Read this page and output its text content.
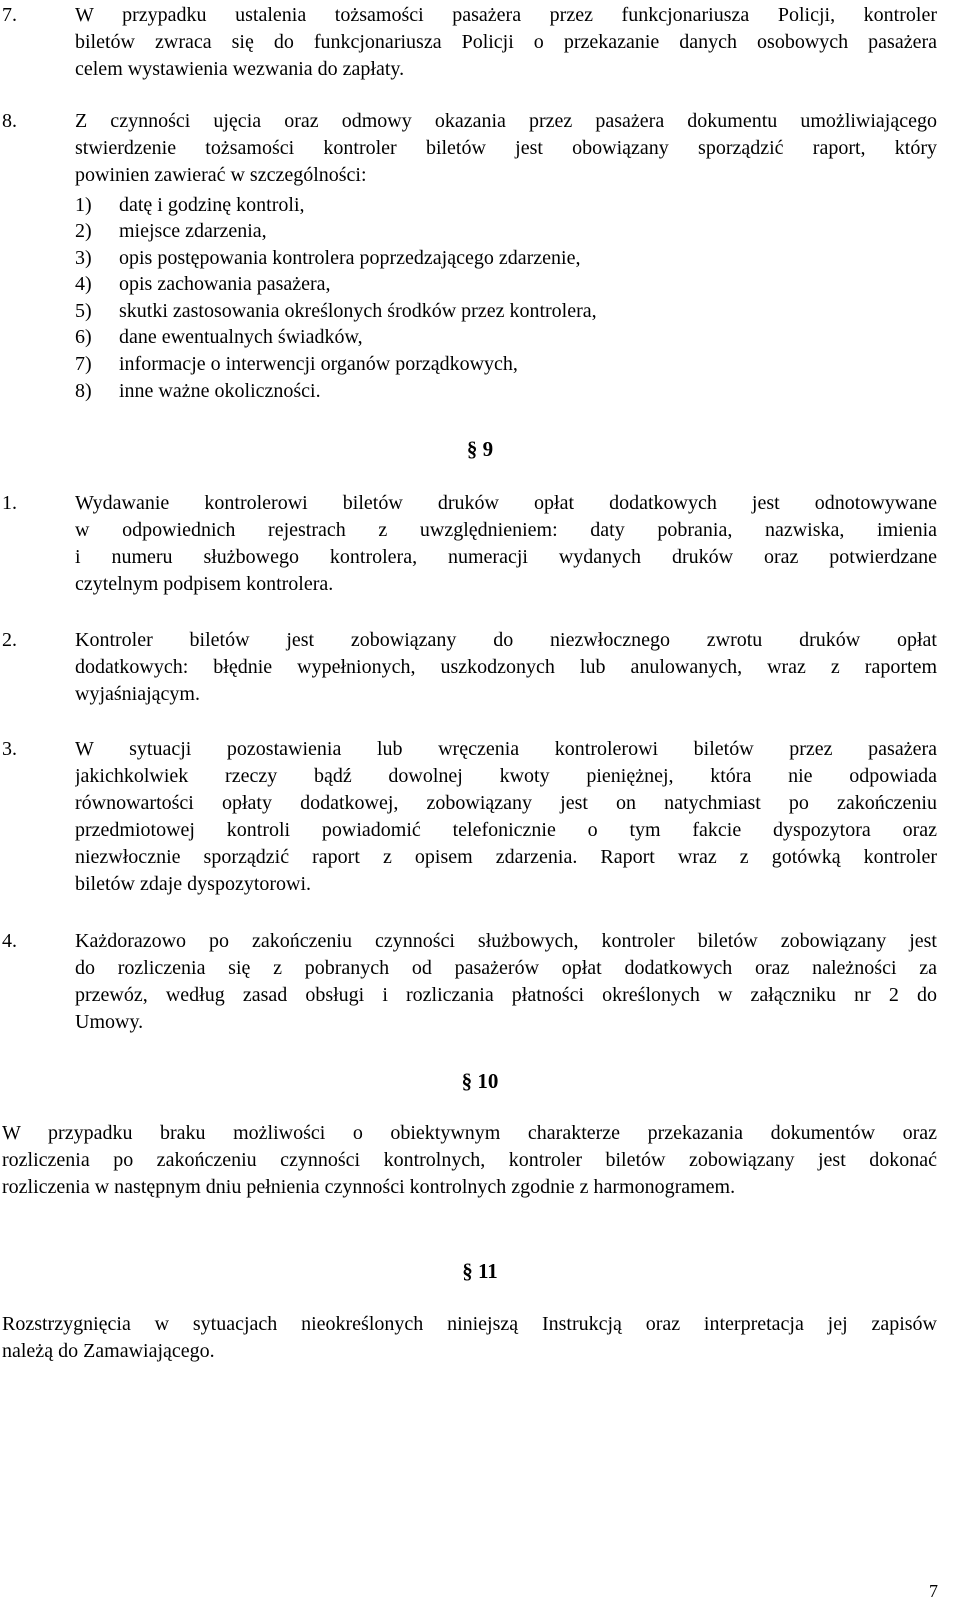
7.	W przypadku ustalenia tożsamości pasażera przez funkcjonariusza Policji, kontroler
biletów zwraca się do funkcjonariusza Policji o przekazanie danych osobowych pasażera
celem wystawienia wezwania do zapłaty.
8.	Z czynności ujęcia oraz odmowy okazania przez pasażera dokumentu umożliwiającego
stwierdzenie tożsamości kontroler biletów jest obowiązany sporządzić raport, który
powinien zawierać w szczególności:
1) datę i godzinę kontroli,
2) miejsce zdarzenia,
3) opis postępowania kontrolera poprzedzającego zdarzenie,
4) opis zachowania pasażera,
5) skutki zastosowania określonych środków przez kontrolera,
6) dane ewentualnych świadków,
7) informacje o interwencji organów porządkowych,
8) inne ważne okoliczności.
§ 9
1.	Wydawanie kontrolerowi biletów druków opłat dodatkowych jest odnotowywane
w odpowiednich rejestrach z uwzględnieniem: daty pobrania, nazwiska, imienia
i numeru służbowego kontrolera, numeracji wydanych druków oraz potwierdzane
czytelnym podpisem kontrolera.
2.	Kontroler biletów jest zobowiązany do niezwłocznego zwrotu druków opłat
dodatkowych: błędnie wypełnionych, uszkodzonych lub anulowanych, wraz z raportem
wyjaśniającym.
3.	W sytuacji pozostawienia lub wręczenia kontrolerowi biletów przez pasażera
jakichkolwiek rzeczy bądź dowolnej kwoty pieniężnej, która nie odpowiada
równowartości opłaty dodatkowej, zobowiązany jest on natychmiast po zakończeniu
przedmiotowej kontroli powiadomić telefonicznie o tym fakcie dyspozytora oraz
niezwłocznie sporządzić raport z opisem zdarzenia. Raport wraz z gotówką kontroler
biletów zdaje dyspozytorowi.
4.	Każdorazowo po zakończeniu czynności służbowych, kontroler biletów zobowiązany jest
do rozliczenia się z pobranych od pasażerów opłat dodatkowych oraz należności za
przewóz, według zasad obsługi i rozliczania płatności określonych w załączniku nr 2 do
Umowy.
§ 10
W przypadku braku możliwości o obiektywnym charakterze przekazania dokumentów oraz
rozliczenia po zakończeniu czynności kontrolnych, kontroler biletów zobowiązany jest dokonać
rozliczenia w następnym dniu pełnienia czynności kontrolnych zgodnie z harmonogramem.
§ 11
Rozstrzygnięcia w sytuacjach nieokreślonych niniejszą Instrukcją oraz interpretacja jej zapisów
należą do Zamawiającego.
7
